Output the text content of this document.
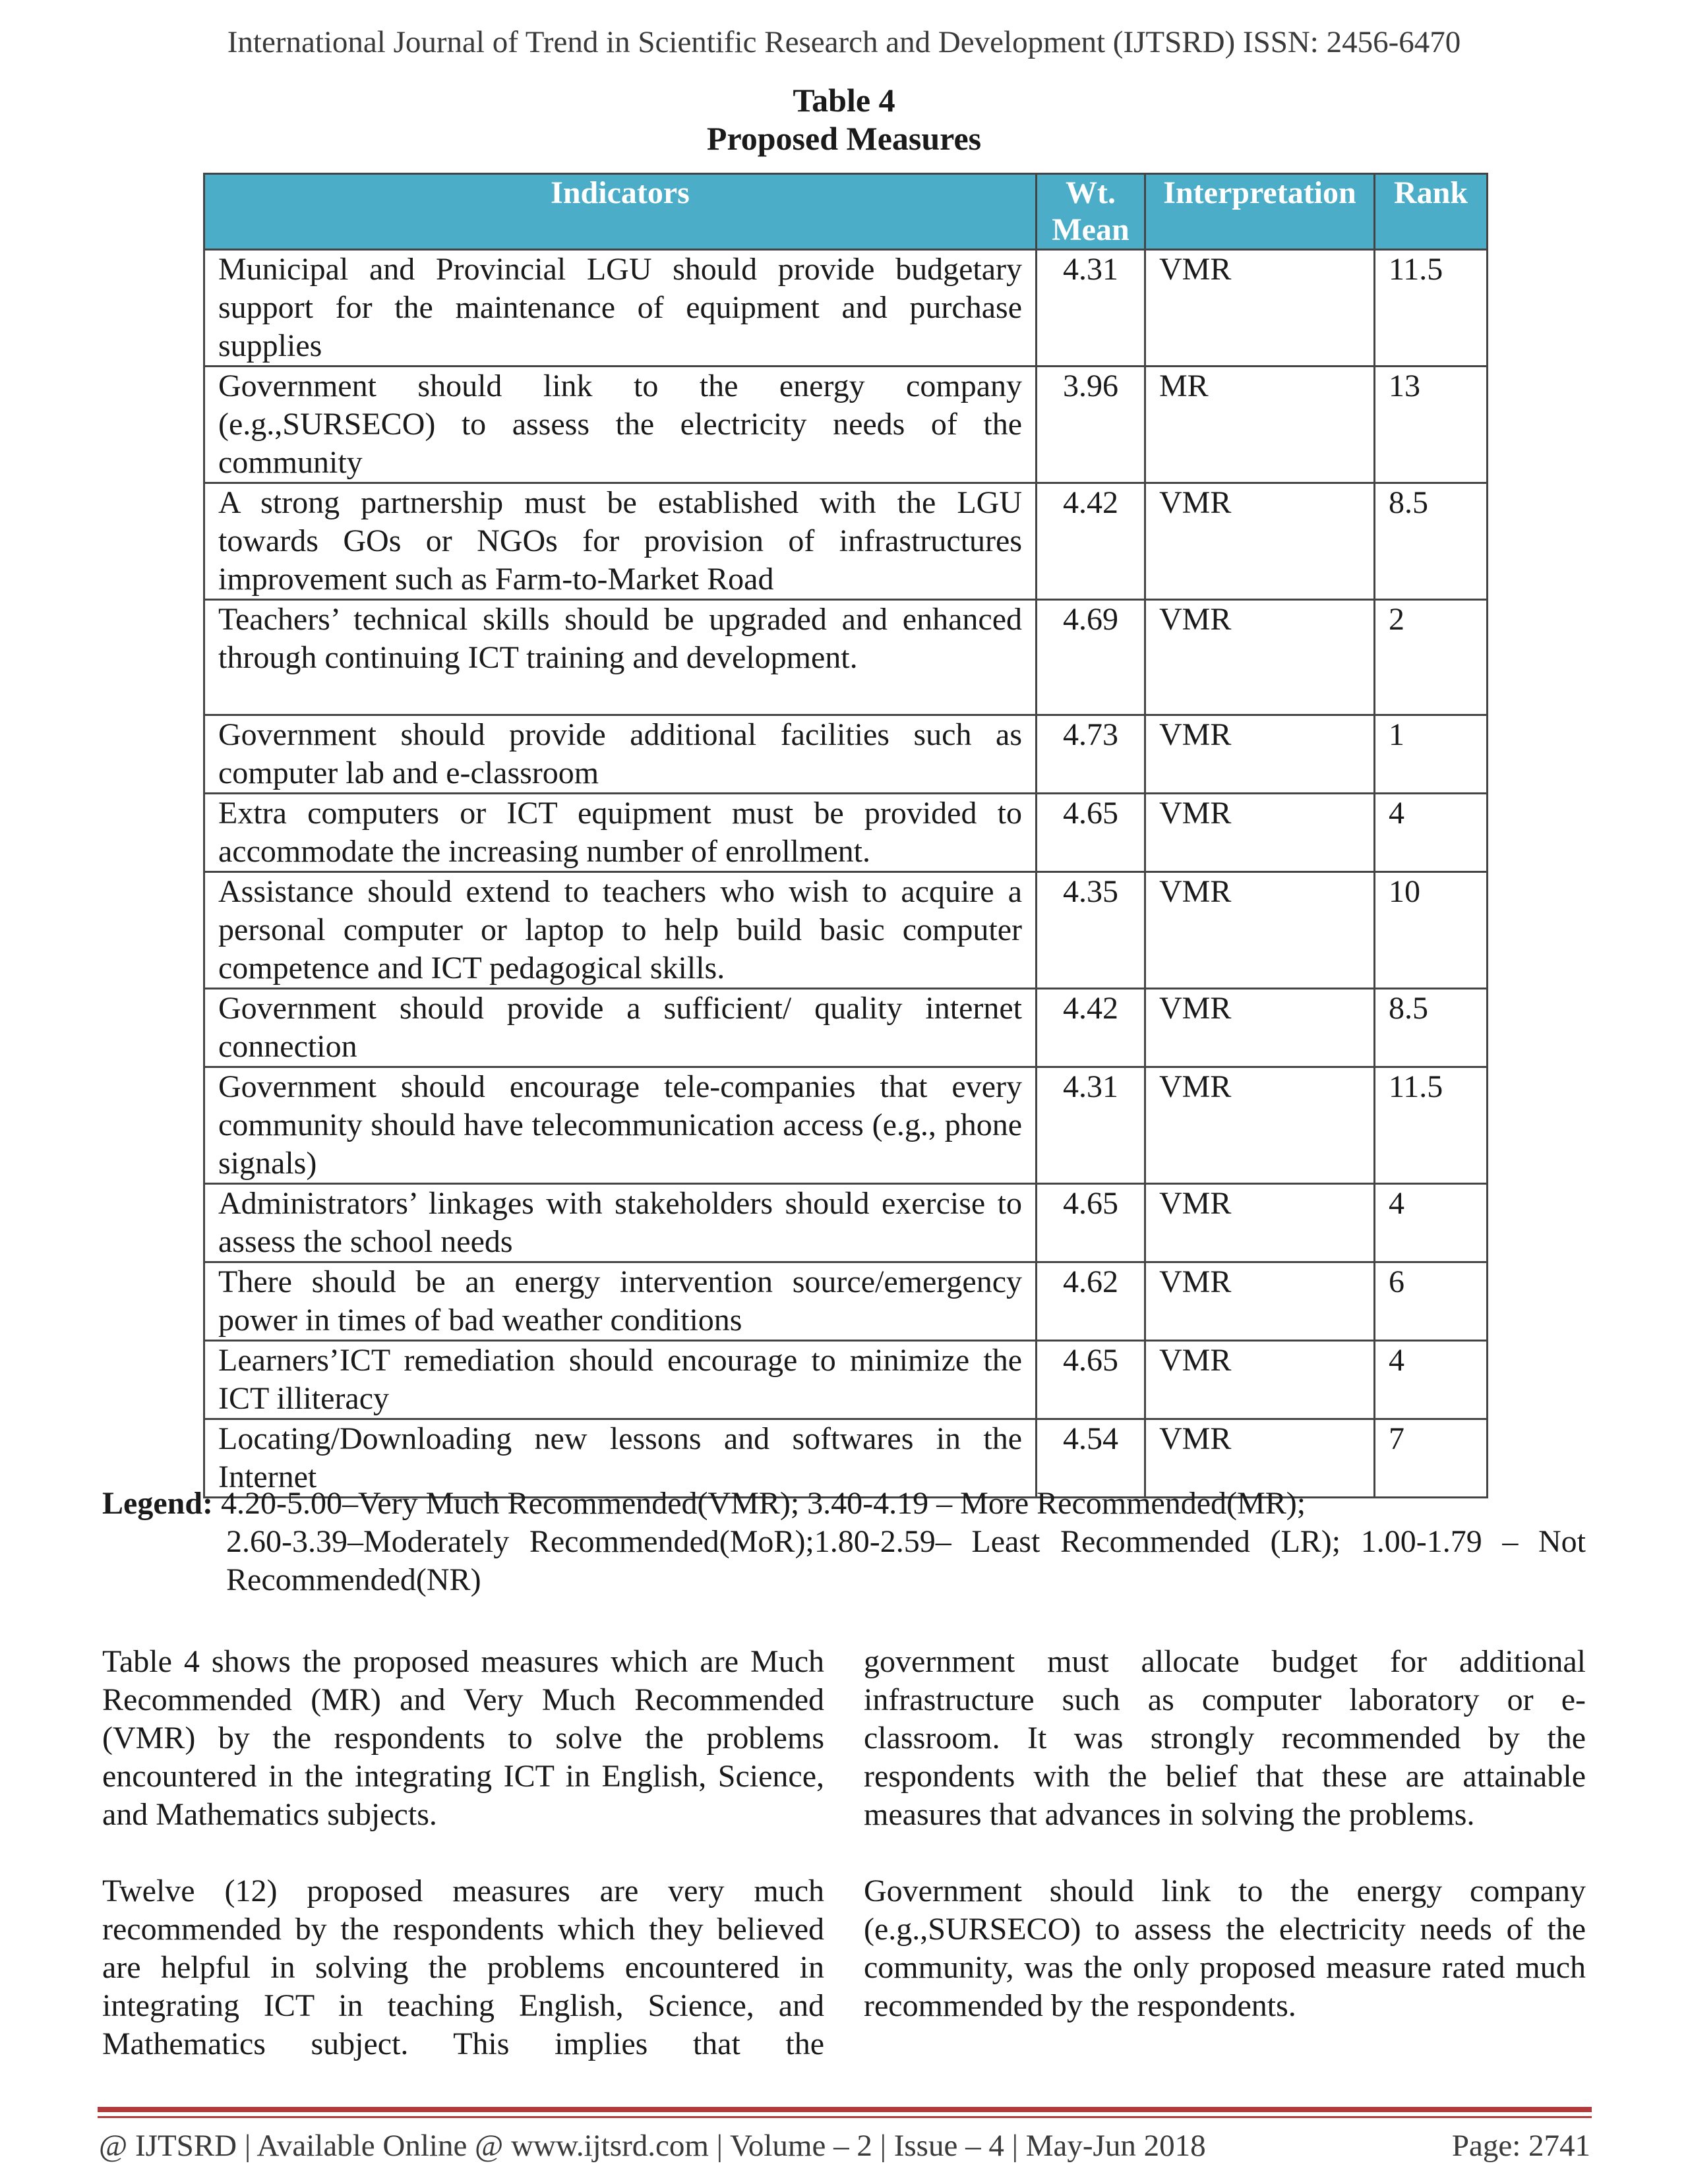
International Journal of Trend in Scientific Research and Development (IJTSRD) ISSN: 2456-6470
Table 4
Proposed Measures
Indicators	Wt. Mean	Interpretation	Rank
Municipal and Provincial LGU should provide budgetary support for the maintenance of equipment and purchase supplies	4.31	VMR	11.5
Government should link to the energy company (e.g.,SURSECO) to assess the electricity needs of the community	3.96	MR	13
A strong partnership must be established with the LGU towards GOs or NGOs for provision of infrastructures improvement such as Farm-to-Market Road	4.42	VMR	8.5
Teachers’ technical skills should be upgraded and enhanced through continuing ICT training and development.	4.69	VMR	2
Government should provide additional facilities such as computer lab and e-classroom	4.73	VMR	1
Extra computers or ICT equipment must be provided to accommodate the increasing number of enrollment.	4.65	VMR	4
Assistance should extend to teachers who wish to acquire a personal computer or laptop to help build basic computer competence and ICT pedagogical skills.	4.35	VMR	10
Government should provide a sufficient/ quality internet connection	4.42	VMR	8.5
Government should encourage tele-companies that every community should have telecommunication access (e.g., phone signals)	4.31	VMR	11.5
Administrators’ linkages with stakeholders should exercise to assess the school needs	4.65	VMR	4
There should be an energy intervention source/emergency power in times of bad weather conditions	4.62	VMR	6
Learners’ICT remediation should encourage to minimize the ICT illiteracy	4.65	VMR	4
Locating/Downloading new lessons and softwares in the Internet	4.54	VMR	7
Legend: 4.20-5.00–Very Much Recommended(VMR); 3.40-4.19 – More Recommended(MR);
2.60-3.39–Moderately Recommended(MoR);1.80-2.59– Least Recommended (LR); 1.00-1.79 – Not Recommended(NR)

Table 4 shows the proposed measures which are Much Recommended (MR) and Very Much Recommended (VMR) by the respondents to solve the problems encountered in the integrating ICT in English, Science, and Mathematics subjects.

Twelve (12) proposed measures are very much recommended by the respondents which they believed are helpful in solving the problems encountered in integrating ICT in teaching English, Science, and Mathematics subject. This implies that the

government must allocate budget for additional infrastructure such as computer laboratory or e-classroom. It was strongly recommended by the respondents with the belief that these are attainable measures that advances in solving the problems.

Government should link to the energy company (e.g.,SURSECO) to assess the electricity needs of the community, was the only proposed measure rated much recommended by the respondents.

@ IJTSRD | Available Online @ www.ijtsrd.com | Volume – 2 | Issue – 4 | May-Jun 2018	Page: 2741
